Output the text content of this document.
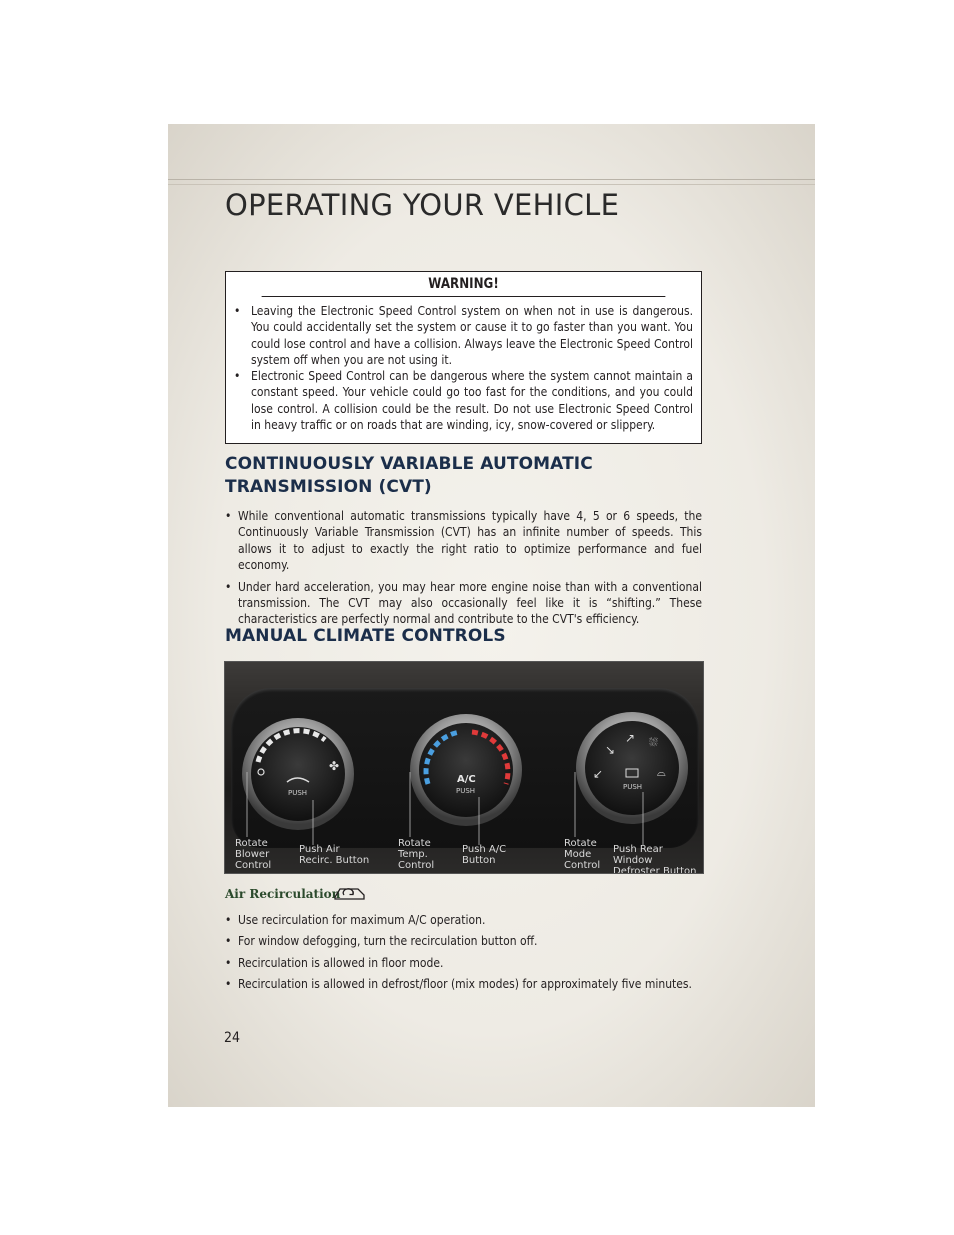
OPERATING YOUR VEHICLE
WARNING!
• Leaving the Electronic Speed Control system on when not in use is dangerous. You could accidentally set the system or cause it to go faster than you want. You could lose control and have a collision. Always leave the Electronic Speed Control system off when you are not using it.
• Electronic Speed Control can be dangerous where the system cannot maintain a constant speed. Your vehicle could go too fast for the conditions, and you could lose control. A collision could be the result. Do not use Electronic Speed Control in heavy traffic or on roads that are winding, icy, snow-covered or slippery.
CONTINUOUSLY VARIABLE AUTOMATIC
TRANSMISSION (CVT)
• While conventional automatic transmissions typically have 4, 5 or 6 speeds, the Continuously Variable Transmission (CVT) has an infinite number of speeds. This allows it to adjust to exactly the right ratio to optimize performance and fuel economy.
• Under hard acceleration, you may hear more engine noise than with a conventional transmission. The CVT may also occasionally feel like it is “shifting.” These characteristics are perfectly normal and contribute to the CVT's efficiency.
MANUAL CLIMATE CONTROLS
✤
PUSH
A/C
PUSH
↙
↘
↗ ⛆
⌓
PUSH
Rotate
Blower
Control
Push Air
Recirc. Button
Rotate
Temp.
Control
Push A/C
Button
Rotate
Mode
Control
Push Rear Window
Defroster Button
Air Recirculation
• Use recirculation for maximum A/C operation.
• For window defogging, turn the recirculation button off.
• Recirculation is allowed in floor mode.
• Recirculation is allowed in defrost/floor (mix modes) for approximately five minutes.
24
